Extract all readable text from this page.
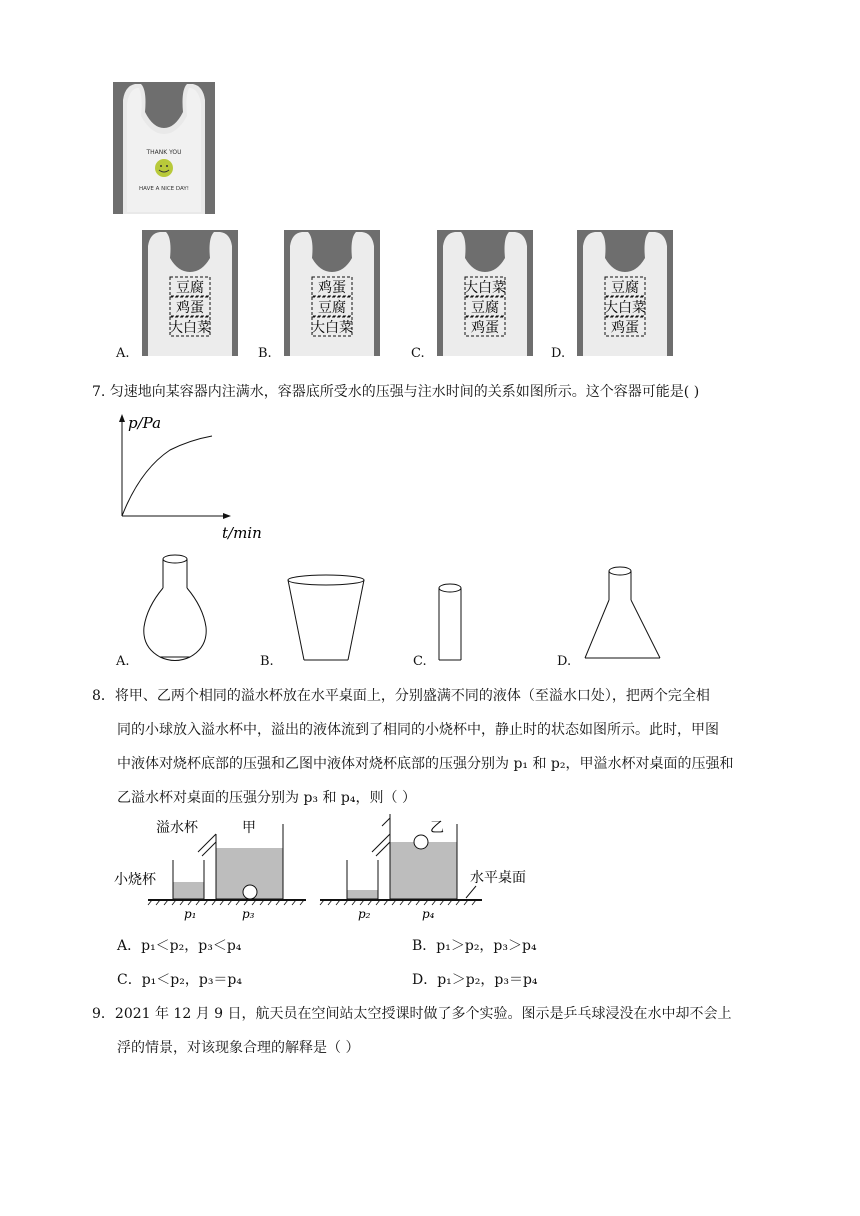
THANK YOU
HAVE A NICE DAY!
A.
豆腐
鸡蛋
大白菜
B.
鸡蛋
豆腐
大白菜
C.
大白菜
豆腐
鸡蛋
D.
豆腐
大白菜
鸡蛋
7. 匀速地向某容器内注满水，容器底所受水的压强与注水时间的关系如图所示。这个容器可能是( )
p/Pa
t/min
A.	B.	C.	D.
8．将甲、乙两个相同的溢水杯放在水平桌面上，分别盛满不同的液体（至溢水口处），把两个完全相
同的小球放入溢水杯中，溢出的液体流到了相同的小烧杯中，静止时的状态如图所示。此时，甲图
中液体对烧杯底部的压强和乙图中液体对烧杯底部的压强分别为 p₁ 和 p₂，甲溢水杯对桌面的压强和
乙溢水杯对桌面的压强分别为 p₃ 和 p₄，则（ ）
溢水杯	甲
小烧杯
p₁	p₃
乙
水平桌面
p₂	p₄
A．p₁＜p₂，p₃＜p₄	B．p₁＞p₂，p₃＞p₄
C．p₁＜p₂，p₃＝p₄	D．p₁＞p₂，p₃＝p₄
9．2021 年 12 月 9 日，航天员在空间站太空授课时做了多个实验。图示是乒乓球浸没在水中却不会上
浮的情景，对该现象合理的解释是（ ）
